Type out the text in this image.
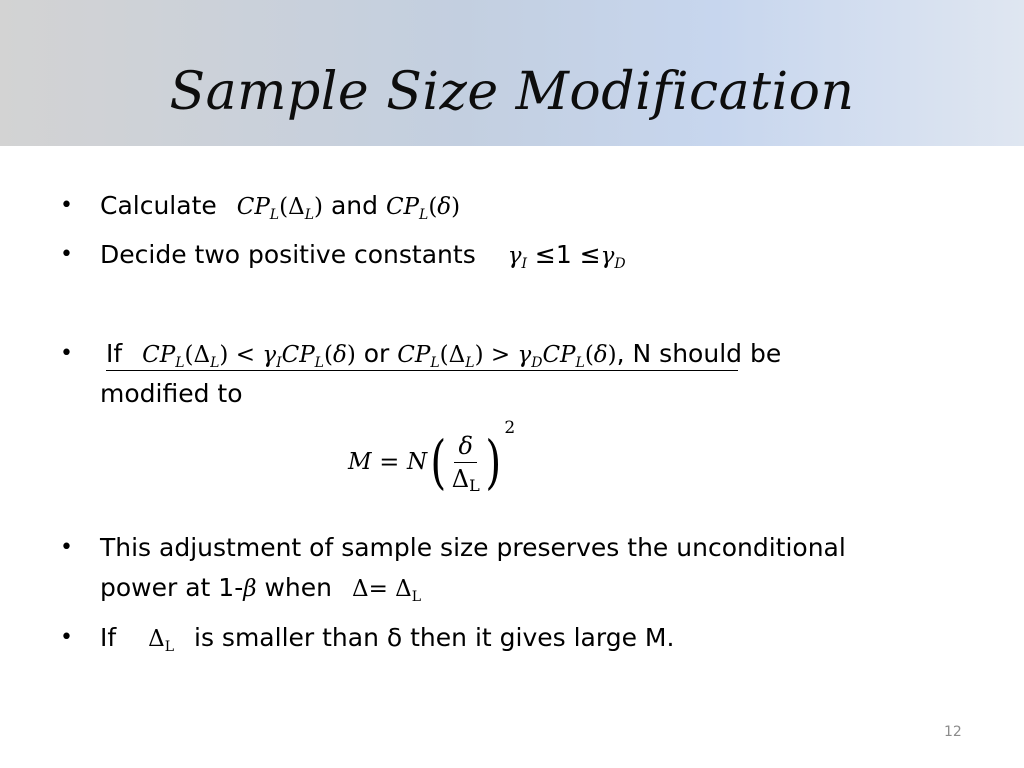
Sample Size Modification
• Calculate $CP_L(\Delta_L)$ and $CP_L(\delta)$
• Decide two positive constants $\gamma_I \le 1 \le\gamma_D$
• If $CP_L(\Delta_L) < \gamma_ICP_L(\delta)$ or $CP_L(\Delta_L) > \gamma_DCP_L(\delta)$, N should be
modified to
M
=
N ( $\frac{\delta}{\Delta_L}$ ) 2
• This adjustment of sample size preserves the unconditional
power at 1-β when $\Delta= \Delta_L$
• If $\Delta_L$ is smaller than δ then it gives large M.
12
